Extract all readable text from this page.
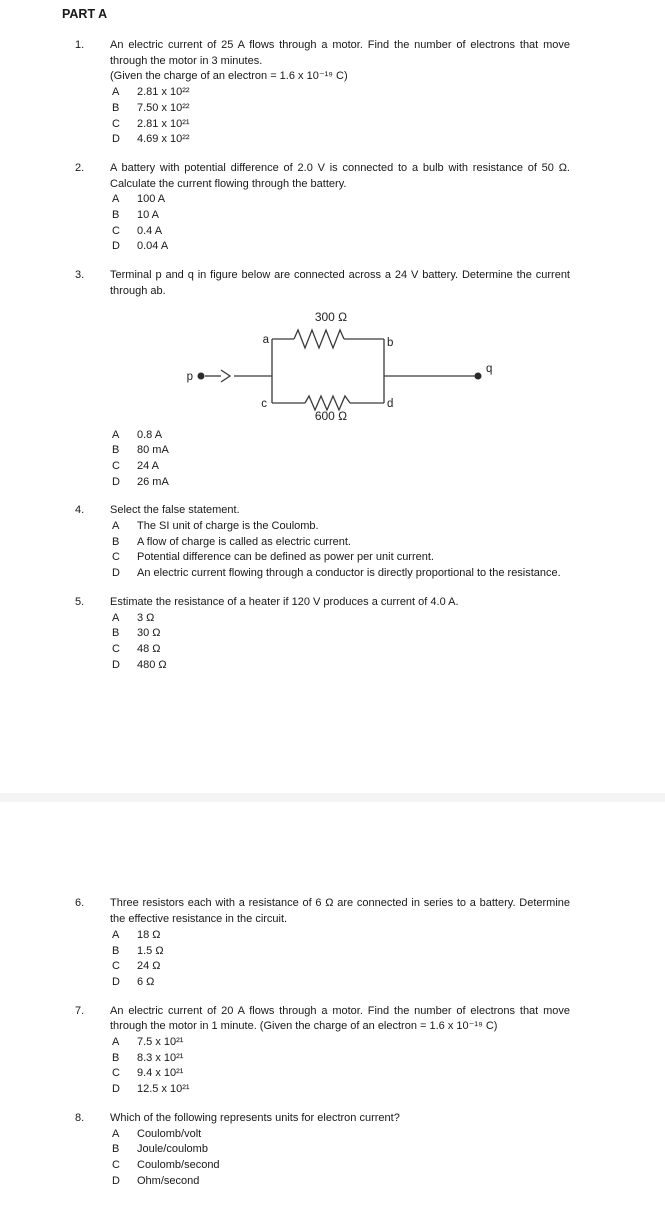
PART A
1.	An electric current of 25 A flows through a motor. Find the number of electrons that move through the motor in 3 minutes.
(Given the charge of an electron = 1.6 x 10⁻¹⁹ C)
A	2.81 x 10²²
B	7.50 x 10²²
C	2.81 x 10²¹
D	4.69 x 10²²
2.	A battery with potential difference of 2.0 V is connected to a bulb with resistance of 50 Ω. Calculate the current flowing through the battery.
A	100 A
B	10 A
C	0.4 A
D	0.04 A
3.	Terminal p and q in figure below are connected across a 24 V battery. Determine the current through ab.
300 Ω
a	b
c	d
p
q
600 Ω
A	0.8 A
B	80 mA
C	24 A
D	26 mA
4.	Select the false statement.
A	The SI unit of charge is the Coulomb.
B	A flow of charge is called as electric current.
C	Potential difference can be defined as power per unit current.
D	An electric current flowing through a conductor is directly proportional to the resistance.
5.	Estimate the resistance of a heater if 120 V produces a current of 4.0 A.
A	3 Ω
B	30 Ω
C	48 Ω
D	480 Ω
6.	Three resistors each with a resistance of 6 Ω are connected in series to a battery. Determine the effective resistance in the circuit.
A	18 Ω
B	1.5 Ω
C	24 Ω
D	6 Ω
7.	An electric current of 20 A flows through a motor. Find the number of electrons that move through the motor in 1 minute. (Given the charge of an electron = 1.6 x 10⁻¹⁹ C)
A	7.5 x 10²¹
B	8.3 x 10²¹
C	9.4 x 10²¹
D	12.5 x 10²¹
8.	Which of the following represents units for electron current?
A	Coulomb/volt
B	Joule/coulomb
C	Coulomb/second
D	Ohm/second
